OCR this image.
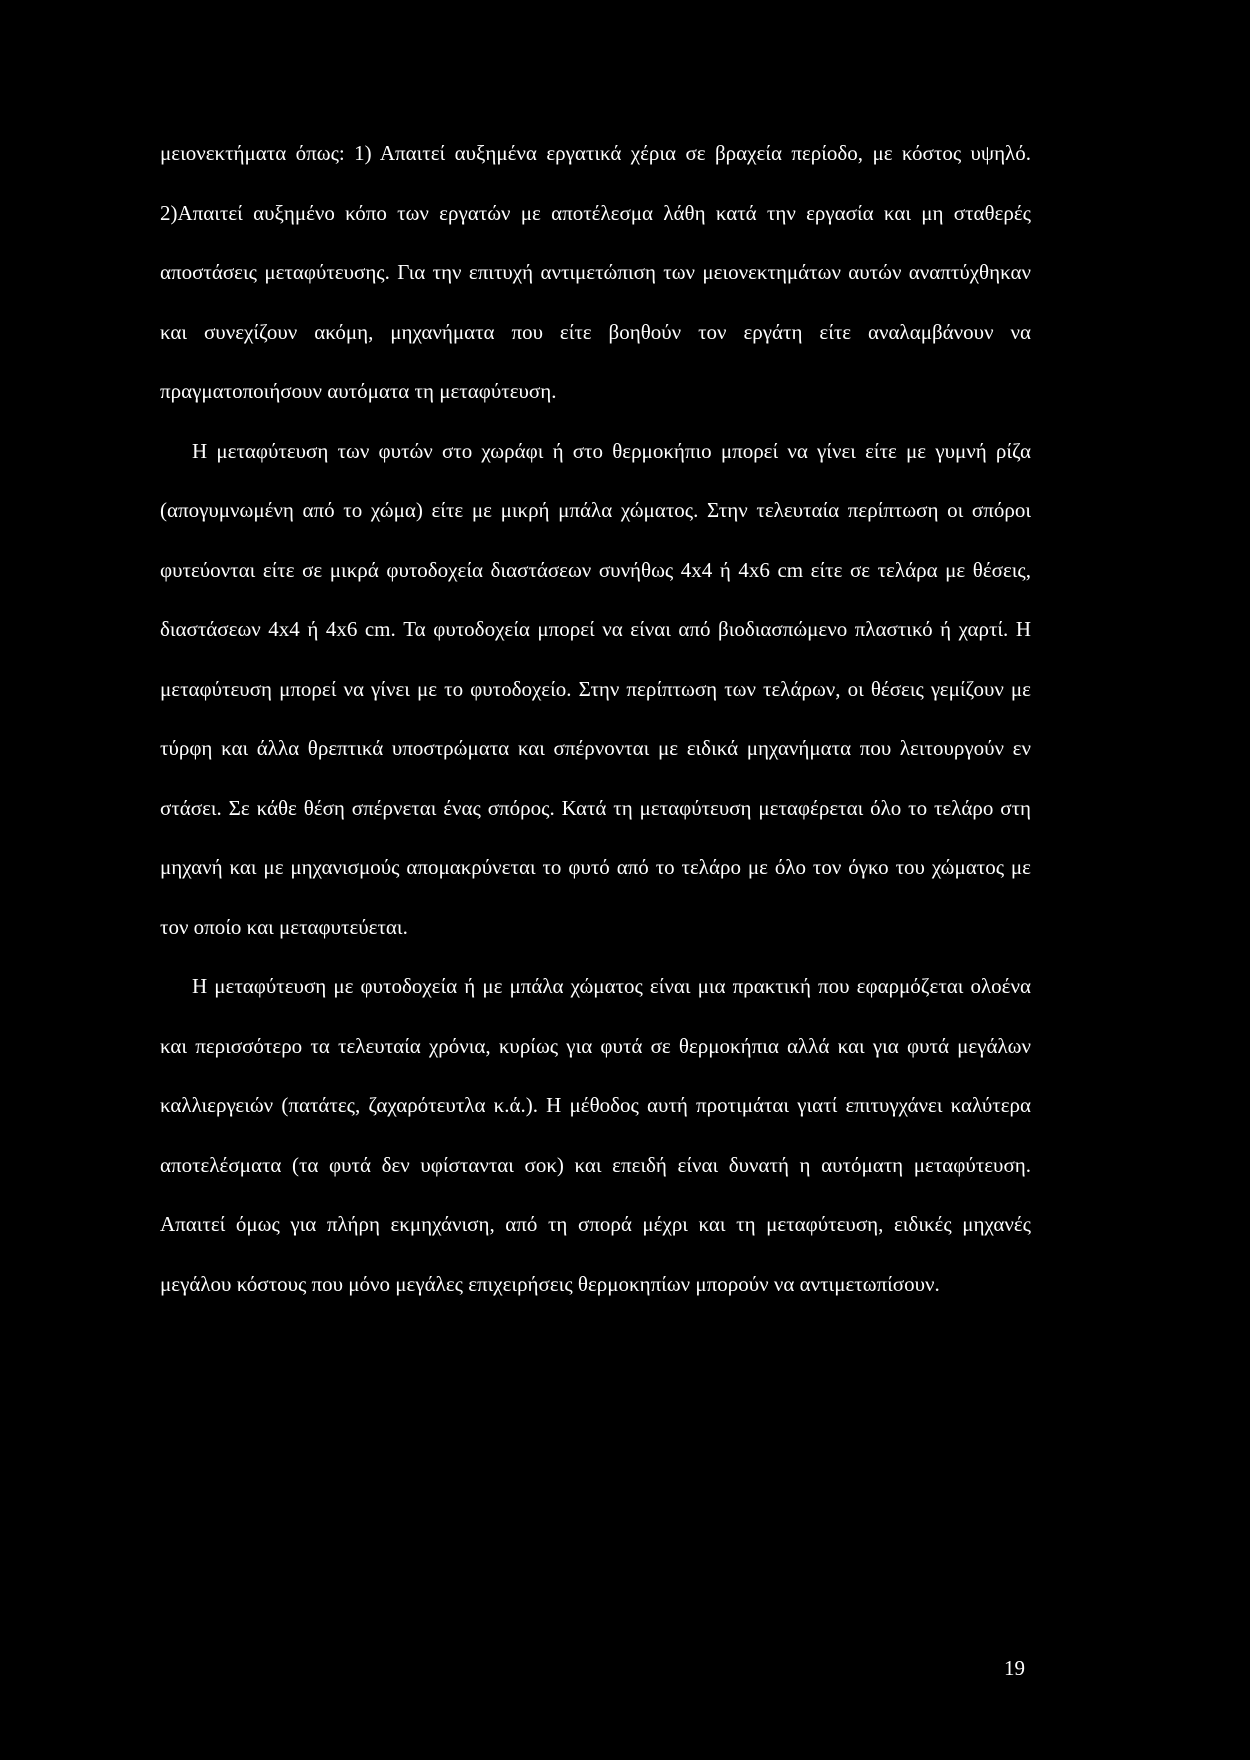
μειονεκτήματα όπως: 1) Απαιτεί αυξημένα εργατικά χέρια σε βραχεία περίοδο, με κόστος υψηλό. 2)Απαιτεί αυξημένο κόπο των εργατών με αποτέλεσμα λάθη κατά την εργασία και μη σταθερές αποστάσεις μεταφύτευσης. Για την επιτυχή αντιμετώπιση των μειονεκτημάτων αυτών αναπτύχθηκαν και συνεχίζουν ακόμη, μηχανήματα που είτε βοηθούν τον εργάτη είτε αναλαμβάνουν να πραγματοποιήσουν αυτόματα τη μεταφύτευση.

Η μεταφύτευση των φυτών στο χωράφι ή στο θερμοκήπιο μπορεί να γίνει είτε με γυμνή ρίζα (απογυμνωμένη από το χώμα) είτε με μικρή μπάλα χώματος. Στην τελευταία περίπτωση οι σπόροι φυτεύονται είτε σε μικρά φυτοδοχεία διαστάσεων συνήθως 4x4 ή 4x6 cm είτε σε τελάρα με θέσεις, διαστάσεων 4x4 ή 4x6 cm. Τα φυτοδοχεία μπορεί να είναι από βιοδιασπώμενο πλαστικό ή χαρτί. Η μεταφύτευση μπορεί να γίνει με το φυτοδοχείο. Στην περίπτωση των τελάρων, οι θέσεις γεμίζουν με τύρφη και άλλα θρεπτικά υποστρώματα και σπέρνονται με ειδικά μηχανήματα που λειτουργούν εν στάσει. Σε κάθε θέση σπέρνεται ένας σπόρος. Κατά τη μεταφύτευση μεταφέρεται όλο το τελάρο στη μηχανή και με μηχανισμούς απομακρύνεται το φυτό από το τελάρο με όλο τον όγκο του χώματος με τον οποίο και μεταφυτεύεται.

Η μεταφύτευση με φυτοδοχεία ή με μπάλα χώματος είναι μια πρακτική που εφαρμόζεται ολοένα και περισσότερο τα τελευταία χρόνια, κυρίως για φυτά σε θερμοκήπια αλλά και για φυτά μεγάλων καλλιεργειών (πατάτες, ζαχαρότευτλα κ.ά.). Η μέθοδος αυτή προτιμάται γιατί επιτυγχάνει καλύτερα αποτελέσματα (τα φυτά δεν υφίστανται σοκ) και επειδή είναι δυνατή η αυτόματη μεταφύτευση. Απαιτεί όμως για πλήρη εκμηχάνιση, από τη σπορά μέχρι και τη μεταφύτευση, ειδικές μηχανές μεγάλου κόστους που μόνο μεγάλες επιχειρήσεις θερμοκηπίων μπορούν να αντιμετωπίσουν.

19
